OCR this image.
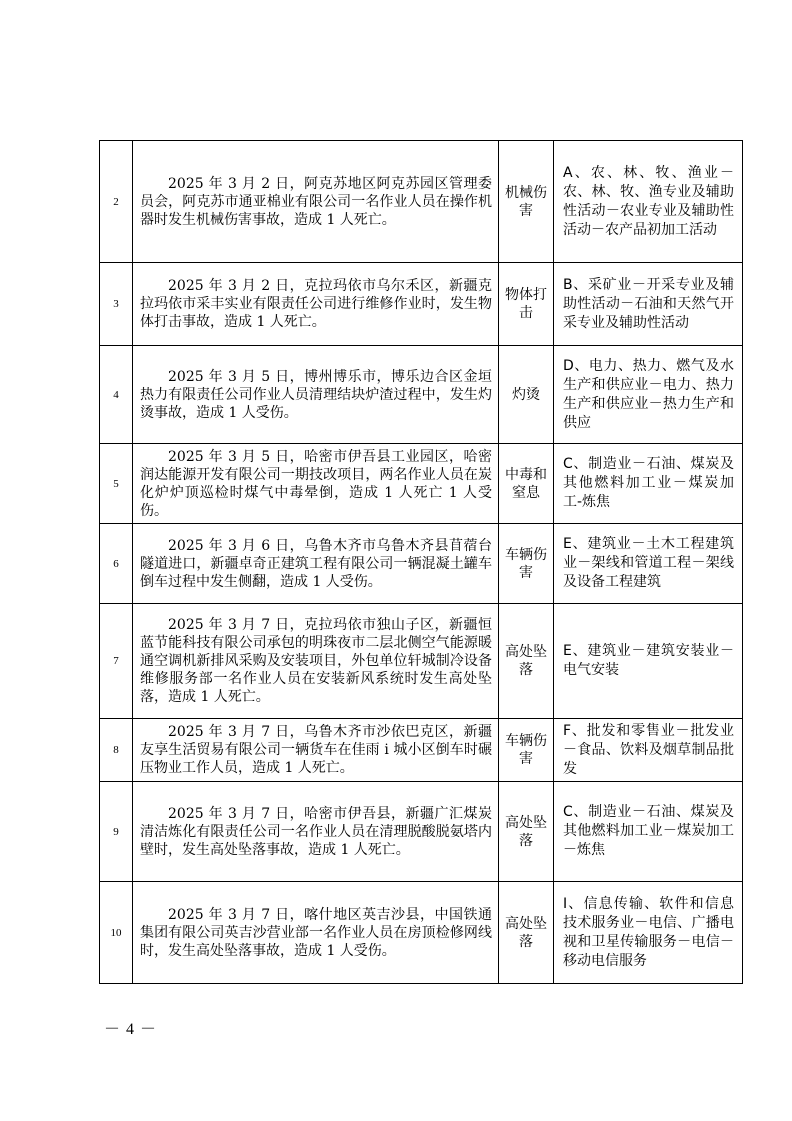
2	2025 年 3 月 2 日，阿克苏地区阿克苏园区管理委员会，阿克苏市通亚棉业有限公司一名作业人员在操作机器时发生机械伤害事故，造成 1 人死亡。	机械伤害	A、农、林、牧、渔业－农、林、牧、渔专业及辅助性活动－农业专业及辅助性活动－农产品初加工活动
3	2025 年 3 月 2 日，克拉玛依市乌尔禾区，新疆克拉玛依市采丰实业有限责任公司进行维修作业时，发生物体打击事故，造成 1 人死亡。	物体打击	B、采矿业－开采专业及辅助性活动－石油和天然气开采专业及辅助性活动
4	2025 年 3 月 5 日，博州博乐市，博乐边合区金垣热力有限责任公司作业人员清理结块炉渣过程中，发生灼烫事故，造成 1 人受伤。	灼烫	D、电力、热力、燃气及水生产和供应业－电力、热力生产和供应业－热力生产和供应
5	2025 年 3 月 5 日，哈密市伊吾县工业园区，哈密润达能源开发有限公司一期技改项目，两名作业人员在炭化炉炉顶巡检时煤气中毒晕倒，造成 1 人死亡 1 人受伤。	中毒和窒息	C、制造业－石油、煤炭及其他燃料加工业－煤炭加工-炼焦
6	2025 年 3 月 6 日，乌鲁木齐市乌鲁木齐县苜蓿台隧道进口，新疆卓奇正建筑工程有限公司一辆混凝土罐车倒车过程中发生侧翻，造成 1 人受伤。	车辆伤害	E、建筑业－土木工程建筑业－架线和管道工程－架线及设备工程建筑
7	2025 年 3 月 7 日，克拉玛依市独山子区，新疆恒蓝节能科技有限公司承包的明珠夜市二层北侧空气能源暖通空调机新排风采购及安装项目，外包单位轩城制冷设备维修服务部一名作业人员在安装新风系统时发生高处坠落，造成 1 人死亡。	高处坠落	E、建筑业－建筑安装业－电气安装
8	2025 年 3 月 7 日，乌鲁木齐市沙依巴克区，新疆友享生活贸易有限公司一辆货车在佳雨 i 城小区倒车时碾压物业工作人员，造成 1 人死亡。	车辆伤害	F、批发和零售业－批发业－食品、饮料及烟草制品批发
9	2025 年 3 月 7 日，哈密市伊吾县，新疆广汇煤炭清洁炼化有限责任公司一名作业人员在清理脱酸脱氨塔内壁时，发生高处坠落事故，造成 1 人死亡。	高处坠落	C、制造业－石油、煤炭及其他燃料加工业－煤炭加工－炼焦
10	2025 年 3 月 7 日，喀什地区英吉沙县，中国铁通集团有限公司英吉沙营业部一名作业人员在房顶检修网线时，发生高处坠落事故，造成 1 人受伤。	高处坠落	I、信息传输、软件和信息技术服务业－电信、广播电视和卫星传输服务－电信－移动电信服务
－ 4 －
